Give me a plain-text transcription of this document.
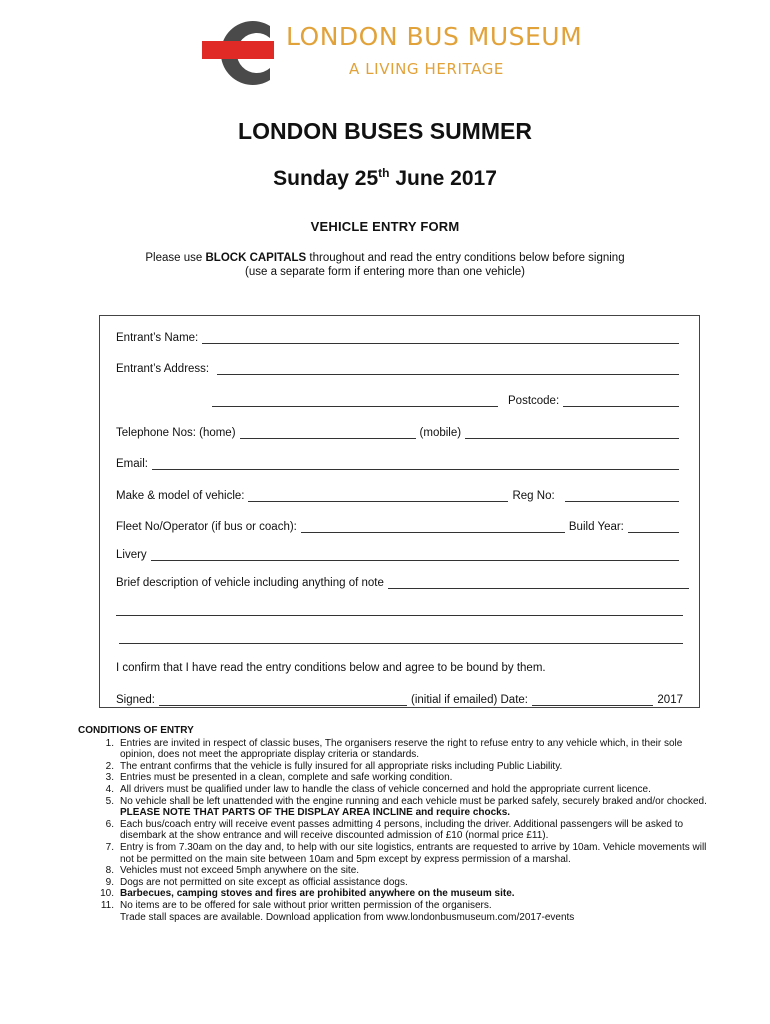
LONDON BUS MUSEUM
A LIVING HERITAGE
LONDON BUSES SUMMER
Sunday 25th June 2017
VEHICLE ENTRY FORM
Please use BLOCK CAPITALS throughout and read the entry conditions below before signing
(use a separate form if entering more than one vehicle)
Entrant’s Name:
Entrant’s Address:
Postcode:
Telephone Nos: (home)	(mobile)
Email:
Make & model of vehicle:	Reg No:
Fleet No/Operator (if bus or coach):	Build Year:
Livery
Brief description of vehicle including anything of note
I confirm that I have read the entry conditions below and agree to be bound by them.
Signed:	(initial if emailed) Date:	2017
CONDITIONS OF ENTRY
1. Entries are invited in respect of classic buses, The organisers reserve the right to refuse entry to any vehicle which, in their sole opinion, does not meet the appropriate display criteria or standards.
2. The entrant confirms that the vehicle is fully insured for all appropriate risks including Public Liability.
3. Entries must be presented in a clean, complete and safe working condition.
4. All drivers must be qualified under law to handle the class of vehicle concerned and hold the appropriate current licence.
5. No vehicle shall be left unattended with the engine running and each vehicle must be parked safely, securely braked and/or chocked. PLEASE NOTE THAT PARTS OF THE DISPLAY AREA INCLINE and require chocks.
6. Each bus/coach entry will receive event passes admitting 4 persons, including the driver. Additional passengers will be asked to disembark at the show entrance and will receive discounted admission of £10 (normal price £11).
7. Entry is from 7.30am on the day and, to help with our site logistics, entrants are requested to arrive by 10am. Vehicle movements will not be permitted on the main site between 10am and 5pm except by express permission of a marshal.
8. Vehicles must not exceed 5mph anywhere on the site.
9. Dogs are not permitted on site except as official assistance dogs.
10. Barbecues, camping stoves and fires are prohibited anywhere on the museum site.
11. No items are to be offered for sale without prior written permission of the organisers.
Trade stall spaces are available. Download application from www.londonbusmuseum.com/2017-events
